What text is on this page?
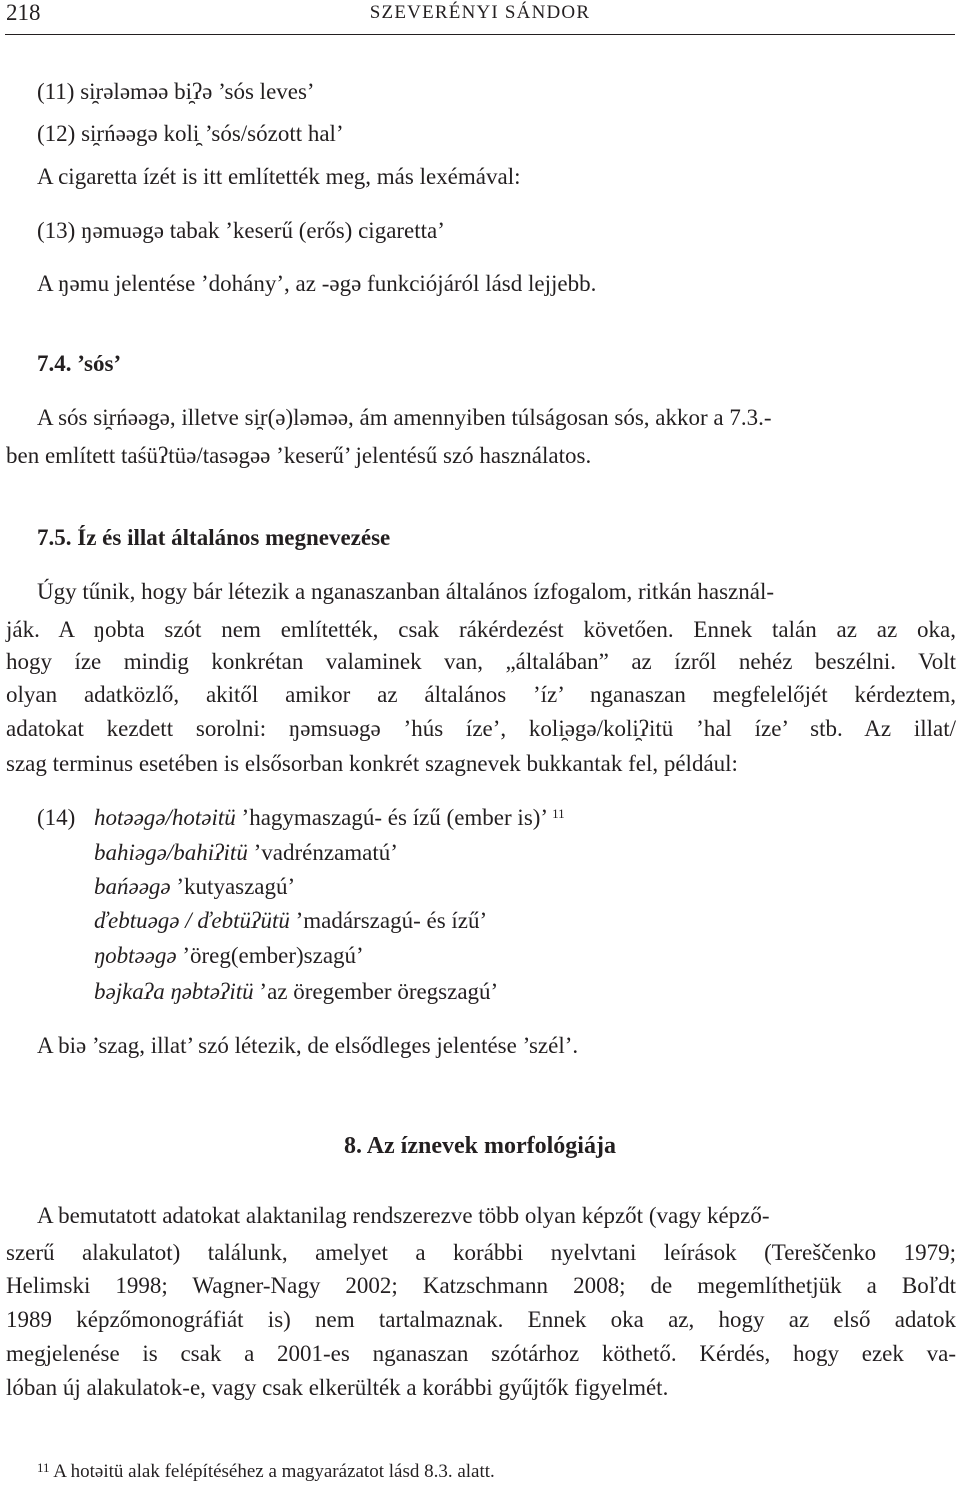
218	SZEVERÉNYI SÁNDOR
(11) si̯rələməə bi̯ʔə ’sós leves’
(12) si̯rńəəgə koli̯ ’sós/sózott hal’
A cigaretta ízét is itt említették meg, más lexémával:
(13) ŋəmuəgə tabak ’keserű (erős) cigaretta’
A ŋəmu jelentése ’dohány’, az -əgə funkciójáról lásd lejjebb.
7.4. ’sós’
A sós si̯rńəəgə, illetve si̯r(ə)ləməə, ám amennyiben túlságosan sós, akkor a 7.3.-
ben említett taśüʔtüə/tasəgəə ’keserű’ jelentésű szó használatos.
7.5. Íz és illat általános megnevezése
Úgy tűnik, hogy bár létezik a nganaszanban általános ízfogalom, ritkán használ-
ják. A ŋobta szót nem említették, csak rákérdezést követően. Ennek talán az az oka,
hogy íze mindig konkrétan valaminek van, „általában” az ízről nehéz beszélni. Volt
olyan adatközlő, akitől amikor az általános ’íz’ nganaszan megfelelőjét kérdeztem,
adatokat kezdett sorolni: ŋəmsuəgə ’hús íze’, koli̯əgə/koli̯ʔitü ’hal íze’ stb. Az illat/
szag terminus esetében is elsősorban konkrét szagnevek bukkantak fel, például:
(14) hotəəgə/hotəitü ’hagymaszagú- és ízű (ember is)’ $^{11}$
bahiəgə/bahiʔitü ’vadrénzamatú’
bańəəgə ’kutyaszagú’
ďebtuəgə / ďebtüʔütü ’madárszagú- és ízű’
ŋobtəəgə ’öreg(ember)szagú’
bəjkaʔa ŋəbtəʔitü ’az öregember öregszagú’
A biə ’szag, illat’ szó létezik, de elsődleges jelentése ’szél’.
8. Az íznevek morfológiája
A bemutatott adatokat alaktanilag rendszerezve több olyan képzőt (vagy képző-
szerű alakulatot) találunk, amelyet a korábbi nyelvtani leírások (Tereščenko 1979;
Helimski 1998; Wagner-Nagy 2002; Katzschmann 2008; de megemlíthetjük a Boľdt
1989 képzőmonográfiát is) nem tartalmaznak. Ennek oka az, hogy az első adatok
megjelenése is csak a 2001-es nganaszan szótárhoz köthető. Kérdés, hogy ezek va-
lóban új alakulatok-e, vagy csak elkerülték a korábbi gyűjtők figyelmét.
$^{11}$ A hotəitü alak felépítéséhez a magyarázatot lásd 8.3. alatt.
